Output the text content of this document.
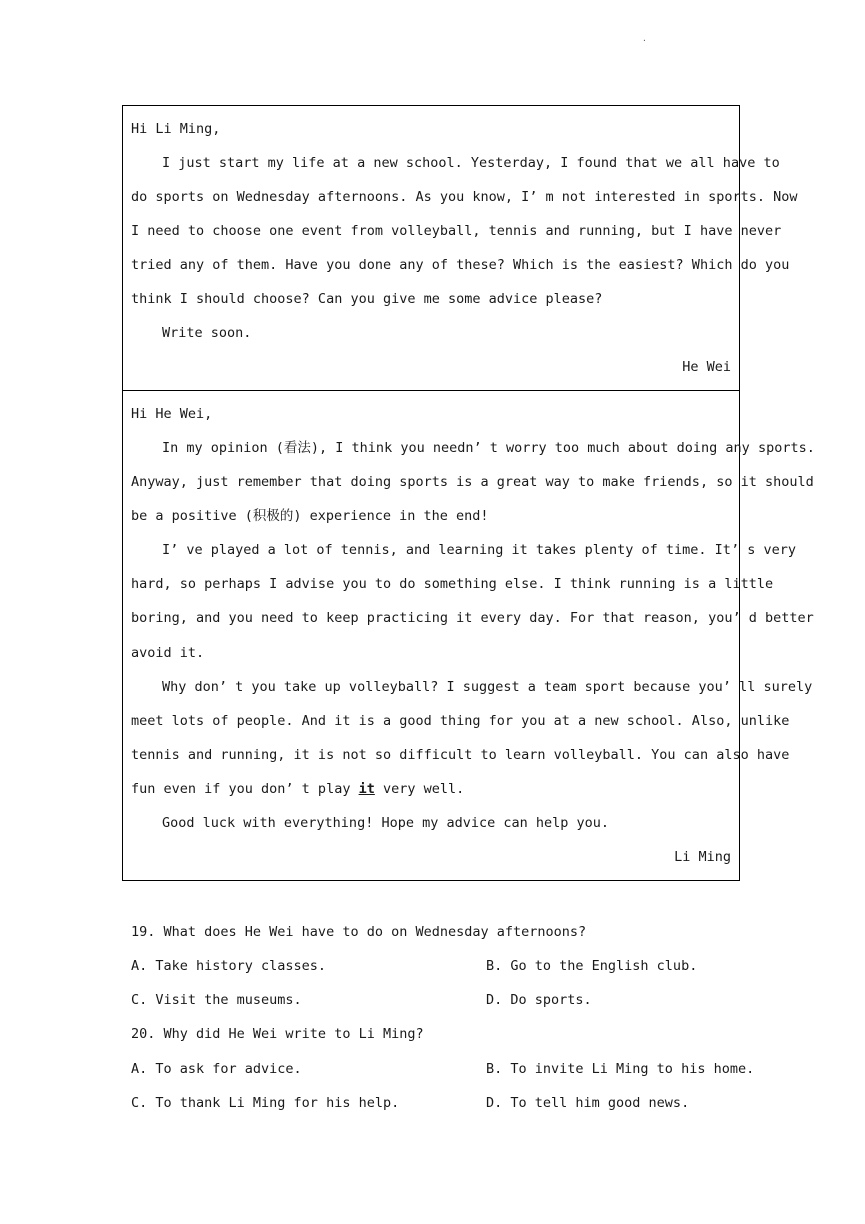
.
Hi Li Ming,
I just start my life at a new school. Yesterday, I found that we all have to
do sports on Wednesday afternoons. As you know, I’ m not interested in sports. Now
I need to choose one event from volleyball, tennis and running, but I have never
tried any of them. Have you done any of these? Which is the easiest? Which do you
think I should choose? Can you give me some advice please?
Write soon.
He Wei
Hi He Wei,
In my opinion (看法), I think you needn’ t worry too much about doing any sports.
Anyway, just remember that doing sports is a great way to make friends, so it should
be a positive (积极的) experience in the end!
I’ ve played a lot of tennis, and learning it takes plenty of time. It’ s very
hard, so perhaps I advise you to do something else. I think running is a little
boring, and you need to keep practicing it every day. For that reason, you’ d better
avoid it.
Why don’ t you take up volleyball? I suggest a team sport because you’ ll surely
meet lots of people. And it is a good thing for you at a new school. Also, unlike
tennis and running, it is not so difficult to learn volleyball. You can also have
fun even if you don’ t play it very well.
Good luck with everything! Hope my advice can help you.
Li Ming
19. What does He Wei have to do on Wednesday afternoons?
A. Take history classes.	B. Go to the English club.
C. Visit the museums.	D. Do sports.
20. Why did He Wei write to Li Ming?
A. To ask for advice.	B. To invite Li Ming to his home.
C. To thank Li Ming for his help.	D. To tell him good news.
